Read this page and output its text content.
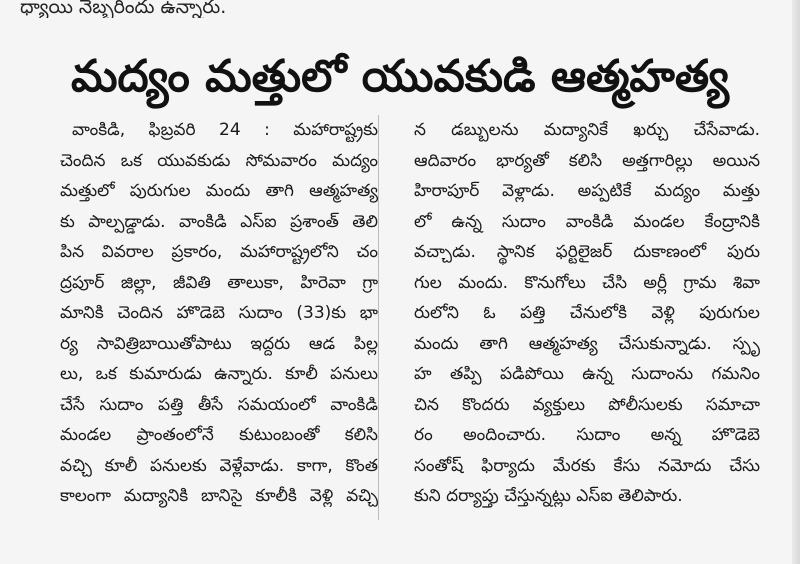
ధ్యాయి నెబ్బరిందు ఉన్నారు.
మద్యం మత్తులో యువకుడి ఆత్మహత్య
వాంకిడి, ఫిబ్రవరి 24 : మహారాష్ట్రకు
చెందిన ఒక యువకుడు సోమవారం మద్యం
మత్తులో పురుగుల మందు తాగి ఆత్మహత్య
కు పాల్పడ్డాడు. వాంకిడి ఎస్ఐ ప్రశాంత్ తెలి
పిన వివరాల ప్రకారం, మహారాష్ట్రలోని చం
ద్రపూర్ జిల్లా, జీవితి తాలుకా, హిరెవా గ్రా
మానికి చెందిన హొడెబె సుదాం (33)కు భా
ర్య సావిత్రిబాయితోపాటు ఇద్దరు ఆడ పిల్ల
లు, ఒక కుమారుడు ఉన్నారు. కూలీ పనులు
చేసే సుదాం పత్తి తీసే సమయంలో వాంకిడి
మండల ప్రాంతంలోనే కుటుంబంతో కలిసి
వచ్చి కూలీ పనులకు వెళ్లేవాడు. కాగా, కొంత
కాలంగా మద్యానికి బానిసై కూలీకి వెళ్లి వచ్చి
న డబ్బులను మద్యానికే ఖర్చు చేసేవాడు.
ఆదివారం భార్యతో కలిసి అత్తగారిల్లు అయిన
హిరాపూర్ వెళ్లాడు. అప్పటికే మద్యం మత్తు
లో ఉన్న సుదాం వాంకిడి మండల కేంద్రానికి
వచ్చాడు. స్థానిక ఫర్టిలైజర్ దుకాణంలో పురు
గుల మందు. కొనుగోలు చేసి అర్లీ గ్రామ శివా
రులోని ఓ పత్తి చేనులోకి వెళ్లి పురుగుల
మందు తాగి ఆత్మహత్య చేసుకున్నాడు. స్పృ
హ తప్పి పడిపోయి ఉన్న సుదాంను గమనిం
చిన కొందరు వ్యక్తులు పోలీసులకు సమాచా
రం అందించారు. సుదాం అన్న హొడెబె
సంతోష్ ఫిర్యాదు మేరకు కేసు నమోదు చేసు
కుని దర్యాప్తు చేస్తున్నట్లు ఎస్ఐ తెలిపారు.
